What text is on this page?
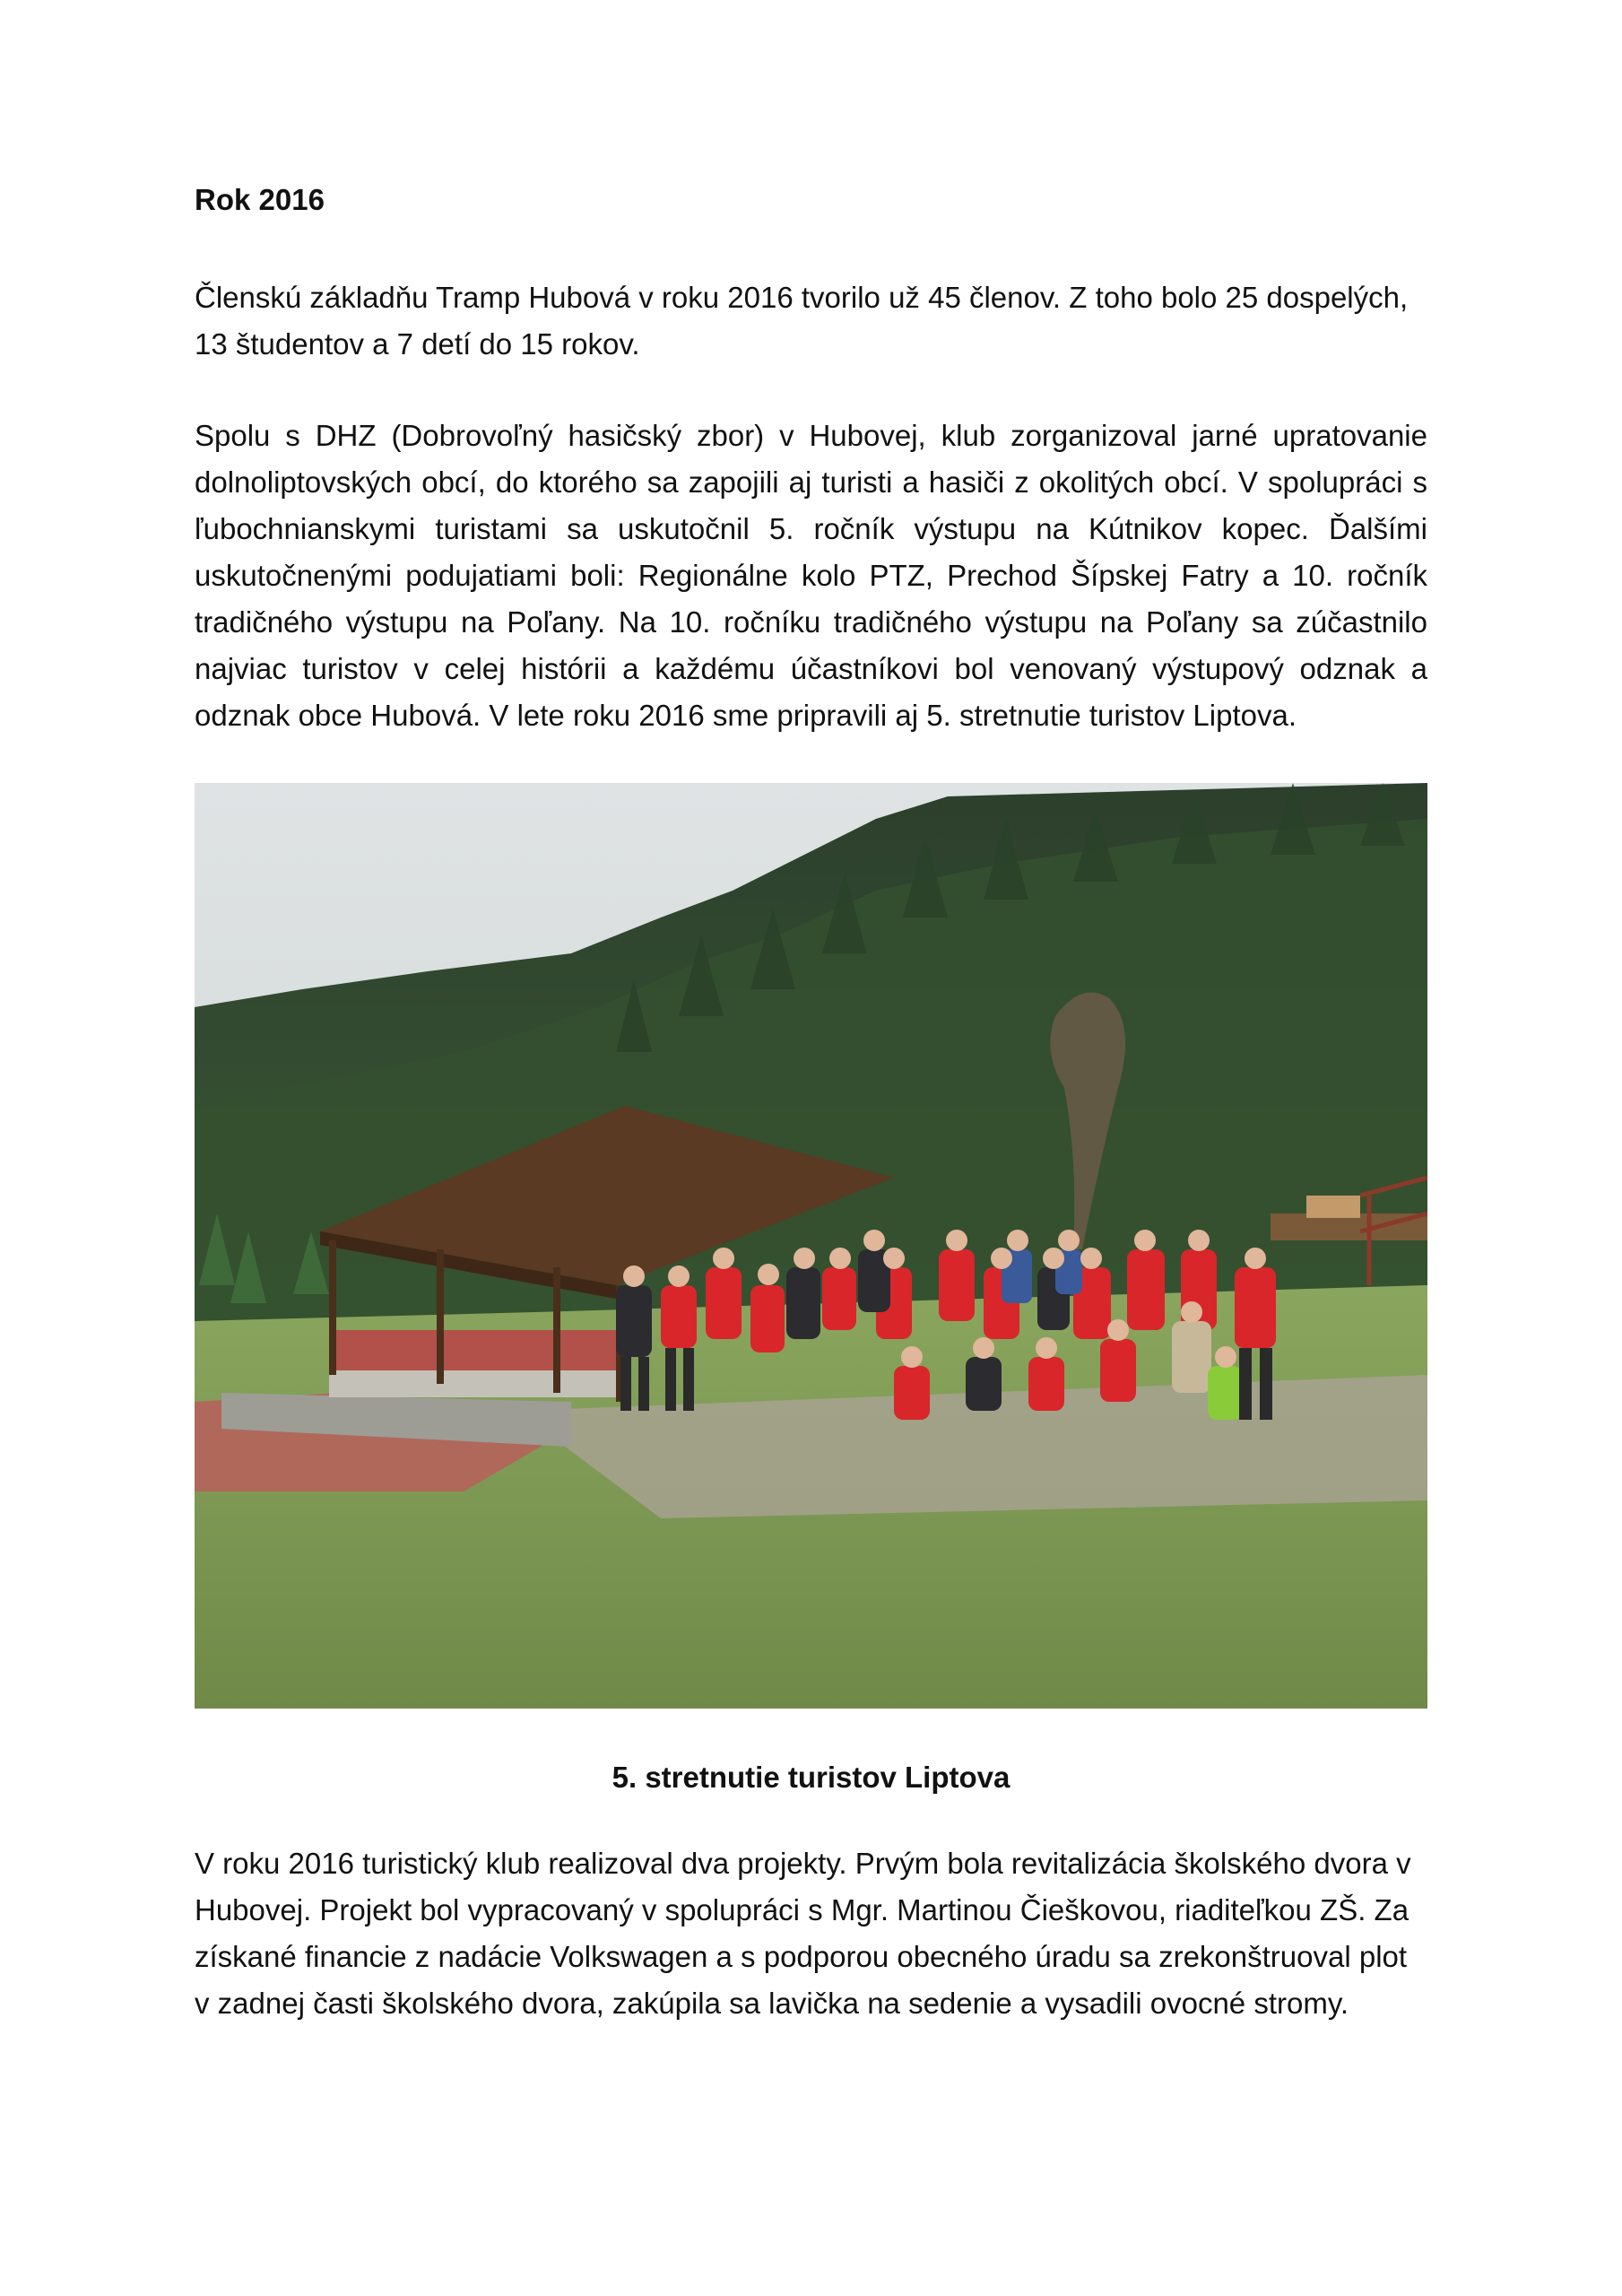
Rok 2016

Členskú základňu Tramp Hubová v roku 2016 tvorilo už 45 členov. Z toho bolo 25 dospelých, 13 študentov a 7 detí do 15 rokov.

Spolu s DHZ (Dobrovoľný hasičský zbor) v Hubovej, klub zorganizoval jarné upratovanie dolnoliptovských obcí, do ktorého sa zapojili aj turisti a hasiči z okolitých obcí. V spolupráci s ľubochnianskymi turistami sa uskutočnil 5. ročník výstupu na Kútnikov kopec. Ďalšími uskutočnenými podujatiami boli: Regionálne kolo PTZ, Prechod Šípskej Fatry a 10. ročník tradičného výstupu na Poľany. Na 10. ročníku tradičného výstupu na Poľany sa zúčastnilo najviac turistov v celej histórii a každému účastníkovi bol venovaný výstupový odznak a odznak obce Hubová. V lete roku 2016 sme pripravili aj 5. stretnutie turistov Liptova.

5. stretnutie turistov Liptova

V roku 2016 turistický klub realizoval dva projekty. Prvým bola revitalizácia školského dvora v Hubovej. Projekt bol vypracovaný v spolupráci s Mgr. Martinou Čieškovou, riaditeľkou ZŠ. Za získané financie z nadácie Volkswagen a s podporou obecného úradu sa zrekonštruoval plot v zadnej časti školského dvora, zakúpila sa lavička na sedenie a vysadili ovocné stromy.
